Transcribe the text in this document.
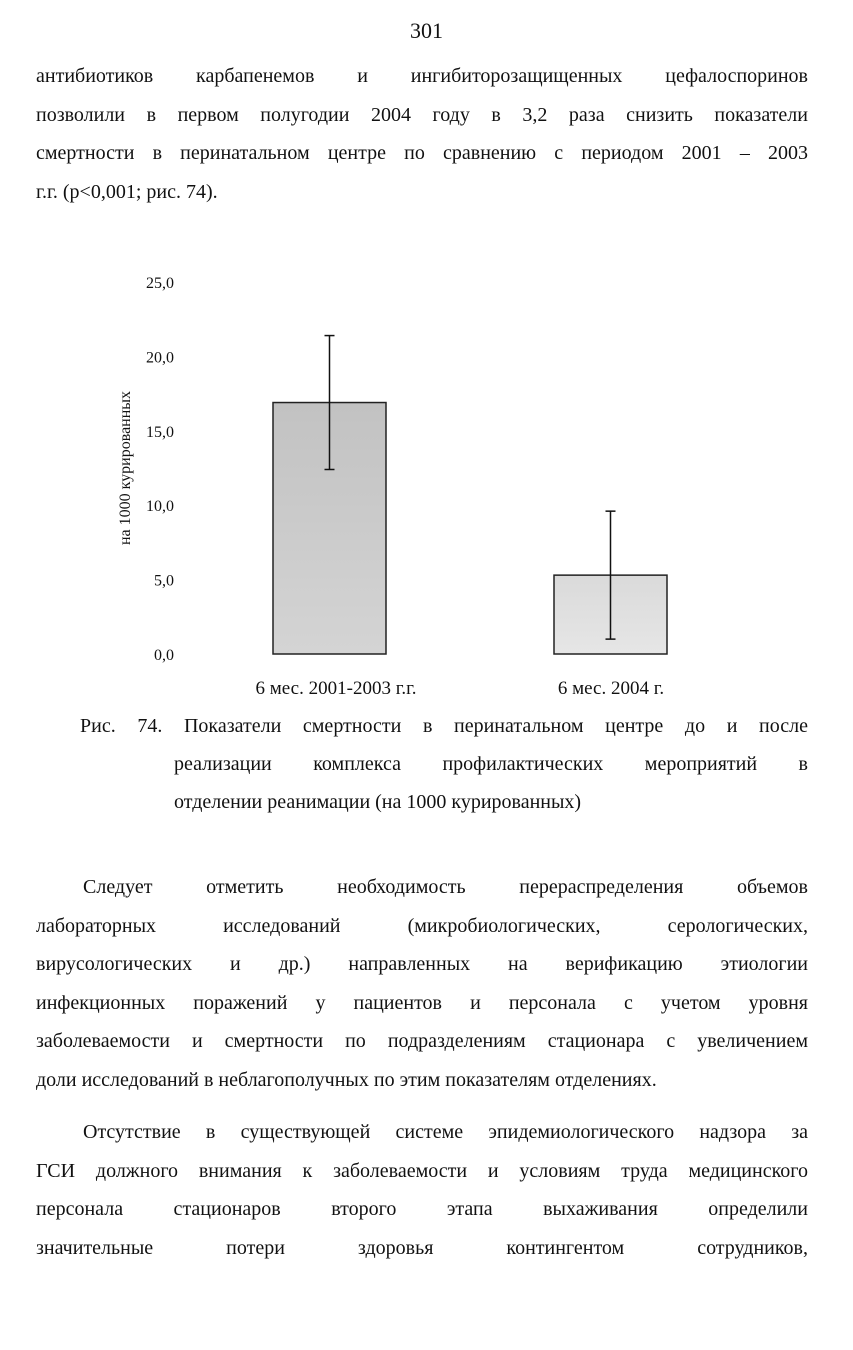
301

антибиотиков карбапенемов и ингибиторозащищенных цефалоспоринов
позволили в первом полугодии 2004 году в 3,2 раза снизить показатели
смертности в перинатальном центре по сравнению с периодом 2001 – 2003
г.г. (р<0,001; рис. 74).

0,0
5,0
10,0
15,0
20,0
25,0
на 1000 курированных
6 мес. 2001-2003 г.г.	6 мес. 2004 г.
Рис. 74. Показатели смертности в перинатальном центре до и после
реализации комплекса профилактических мероприятий в
отделении реанимации (на 1000 курированных)

Следует отметить необходимость перераспределения объемов
лабораторных исследований (микробиологических, серологических,
вирусологических и др.) направленных на верификацию этиологии
инфекционных поражений у пациентов и персонала с учетом уровня
заболеваемости и смертности по подразделениям стационара с увеличением
доли исследований в неблагополучных по этим показателям отделениях.

Отсутствие в существующей системе эпидемиологического надзора за
ГСИ должного внимания к заболеваемости и условиям труда медицинского
персонала стационаров второго этапа выхаживания определили
значительные потери здоровья контингентом сотрудников,
